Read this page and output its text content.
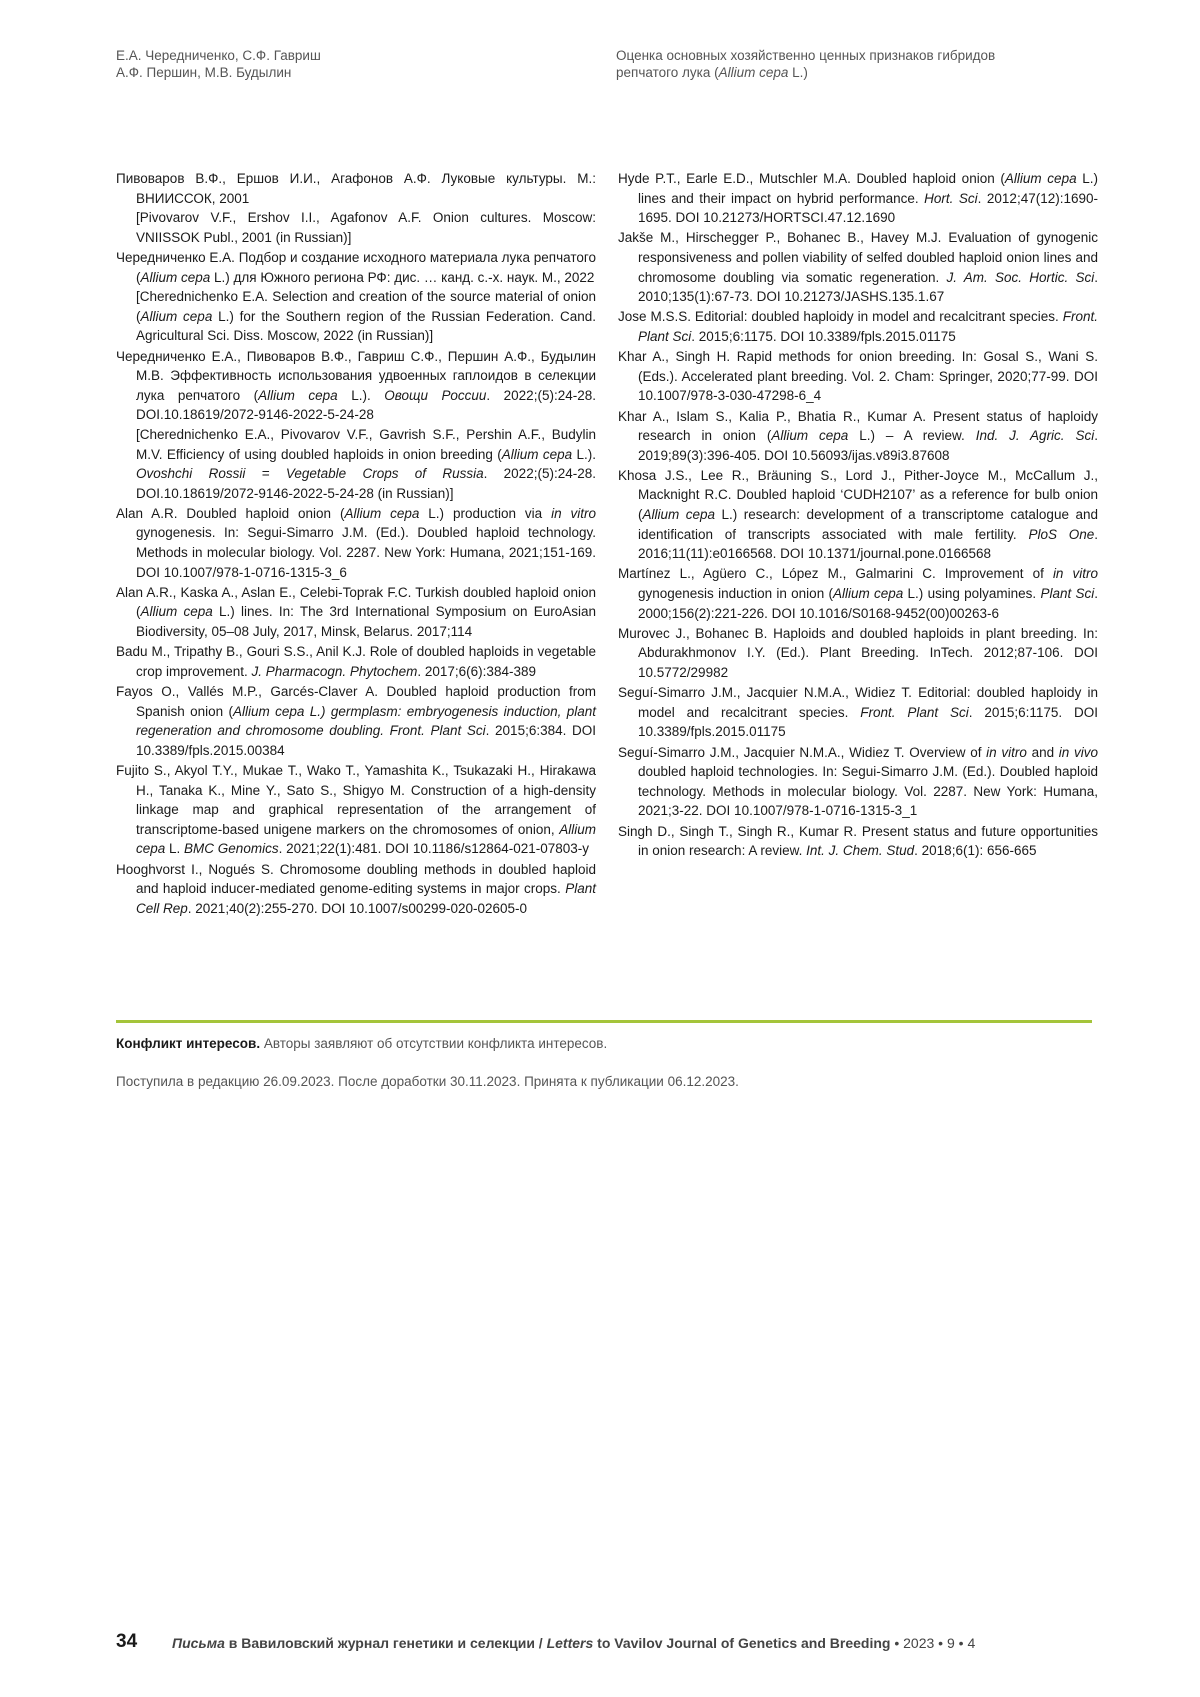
Е.А. Чередниченко, С.Ф. Гавриш
А.Ф. Першин, М.В. Будылин
Оценка основных хозяйственно ценных признаков гибридов
репчатого лука (Allium cepa L.)
Пивоваров В.Ф., Ершов И.И., Агафонов А.Ф. Луковые культуры. М.: ВНИИССОК, 2001
[Pivovarov V.F., Ershov I.I., Agafonov A.F. Onion cultures. Moscow: VNIISSOK Publ., 2001 (in Russian)]
Чередниченко Е.А. Подбор и создание исходного материала лука репчатого (Allium cepa L.) для Южного региона РФ: дис. … канд. с.-х. наук. М., 2022
[Cherednichenko E.A. Selection and creation of the source material of onion (Allium cepa L.) for the Southern region of the Russian Federation. Cand. Agricultural Sci. Diss. Moscow, 2022 (in Russian)]
Чередниченко Е.А., Пивоваров В.Ф., Гавриш С.Ф., Першин А.Ф., Будылин М.В. Эффективность использования удвоенных гаплоидов в селекции лука репчатого (Allium cepa L.). Овощи России. 2022;(5):24-28. DOI.10.18619/2072-9146-2022-5-24-28
[Cherednichenko E.A., Pivovarov V.F., Gavrish S.F., Pershin A.F., Budylin M.V. Efficiency of using doubled haploids in onion breeding (Allium cepa L.). Ovoshchi Rossii = Vegetable Crops of Russia. 2022;(5):24-28. DOI.10.18619/2072-9146-2022-5-24-28 (in Russian)]
Alan A.R. Doubled haploid onion (Allium cepa L.) production via in vitro gynogenesis. In: Segui-Simarro J.M. (Ed.). Doubled haploid technology. Methods in molecular biology. Vol. 2287. New York: Humana, 2021;151-169. DOI 10.1007/978-1-0716-1315-3_6
Alan A.R., Kaska A., Aslan E., Celebi-Toprak F.C. Turkish doubled haploid onion (Allium cepa L.) lines. In: The 3rd International Symposium on EuroAsian Biodiversity, 05–08 July, 2017, Minsk, Belarus. 2017;114
Badu M., Tripathy B., Gouri S.S., Anil K.J. Role of doubled haploids in vegetable crop improvement. J. Pharmacogn. Phytochem. 2017;6(6):384-389
Fayos O., Vallés M.P., Garcés-Claver A. Doubled haploid production from Spanish onion (Allium cepa L.) germplasm: embryogenesis induction, plant regeneration and chromosome doubling. Front. Plant Sci. 2015;6:384. DOI 10.3389/fpls.2015.00384
Fujito S., Akyol T.Y., Mukae T., Wako T., Yamashita K., Tsukazaki H., Hirakawa H., Tanaka K., Mine Y., Sato S., Shigyo M. Construction of a high-density linkage map and graphical representation of the arrangement of transcriptome-based unigene markers on the chromosomes of onion, Allium cepa L. BMC Genomics. 2021;22(1):481. DOI 10.1186/s12864-021-07803-y
Hooghvorst I., Nogués S. Chromosome doubling methods in doubled haploid and haploid inducer-mediated genome-editing systems in major crops. Plant Cell Rep. 2021;40(2):255-270. DOI 10.1007/s00299-020-02605-0
Hyde P.T., Earle E.D., Mutschler M.A. Doubled haploid onion (Allium cepa L.) lines and their impact on hybrid performance. Hort. Sci. 2012;47(12):1690-1695. DOI 10.21273/HORTSCI.47.12.1690
Jakše M., Hirschegger P., Bohanec B., Havey M.J. Evaluation of gynogenic responsiveness and pollen viability of selfed doubled haploid onion lines and chromosome doubling via somatic regeneration. J. Am. Soc. Hortic. Sci. 2010;135(1):67-73. DOI 10.21273/JASHS.135.1.67
Jose M.S.S. Editorial: doubled haploidy in model and recalcitrant species. Front. Plant Sci. 2015;6:1175. DOI 10.3389/fpls.2015.01175
Khar A., Singh H. Rapid methods for onion breeding. In: Gosal S., Wani S. (Eds.). Accelerated plant breeding. Vol. 2. Cham: Springer, 2020;77-99. DOI 10.1007/978-3-030-47298-6_4
Khar A., Islam S., Kalia P., Bhatia R., Kumar A. Present status of haploidy research in onion (Allium cepa L.) – A review. Ind. J. Agric. Sci. 2019;89(3):396-405. DOI 10.56093/ijas.v89i3.87608
Khosa J.S., Lee R., Bräuning S., Lord J., Pither-Joyce M., McCallum J., Macknight R.C. Doubled haploid ‘CUDH2107’ as a reference for bulb onion (Allium cepa L.) research: development of a transcriptome catalogue and identification of transcripts associated with male fertility. PloS One. 2016;11(11):e0166568. DOI 10.1371/journal.pone.0166568
Martínez L., Agüero C., López M., Galmarini C. Improvement of in vitro gynogenesis induction in onion (Allium cepa L.) using polyamines. Plant Sci. 2000;156(2):221-226. DOI 10.1016/S0168-9452(00)00263-6
Murovec J., Bohanec B. Haploids and doubled haploids in plant breeding. In: Abdurakhmonov I.Y. (Ed.). Plant Breeding. InTech. 2012;87-106. DOI 10.5772/29982
Seguí-Simarro J.M., Jacquier N.M.A., Widiez T. Editorial: doubled haploidy in model and recalcitrant species. Front. Plant Sci. 2015;6:1175. DOI 10.3389/fpls.2015.01175
Seguí-Simarro J.M., Jacquier N.M.A., Widiez T. Overview of in vitro and in vivo doubled haploid technologies. In: Segui-Simarro J.M. (Ed.). Doubled haploid technology. Methods in molecular biology. Vol. 2287. New York: Humana, 2021;3-22. DOI 10.1007/978-1-0716-1315-3_1
Singh D., Singh T., Singh R., Kumar R. Present status and future opportunities in onion research: A review. Int. J. Chem. Stud. 2018;6(1): 656-665
Конфликт интересов. Авторы заявляют об отсутствии конфликта интересов.
Поступила в редакцию 26.09.2023. После доработки 30.11.2023. Принята к публикации 06.12.2023.
34 Письма в Вавиловский журнал генетики и селекции / Letters to Vavilov Journal of Genetics and Breeding • 2023 • 9 • 4
